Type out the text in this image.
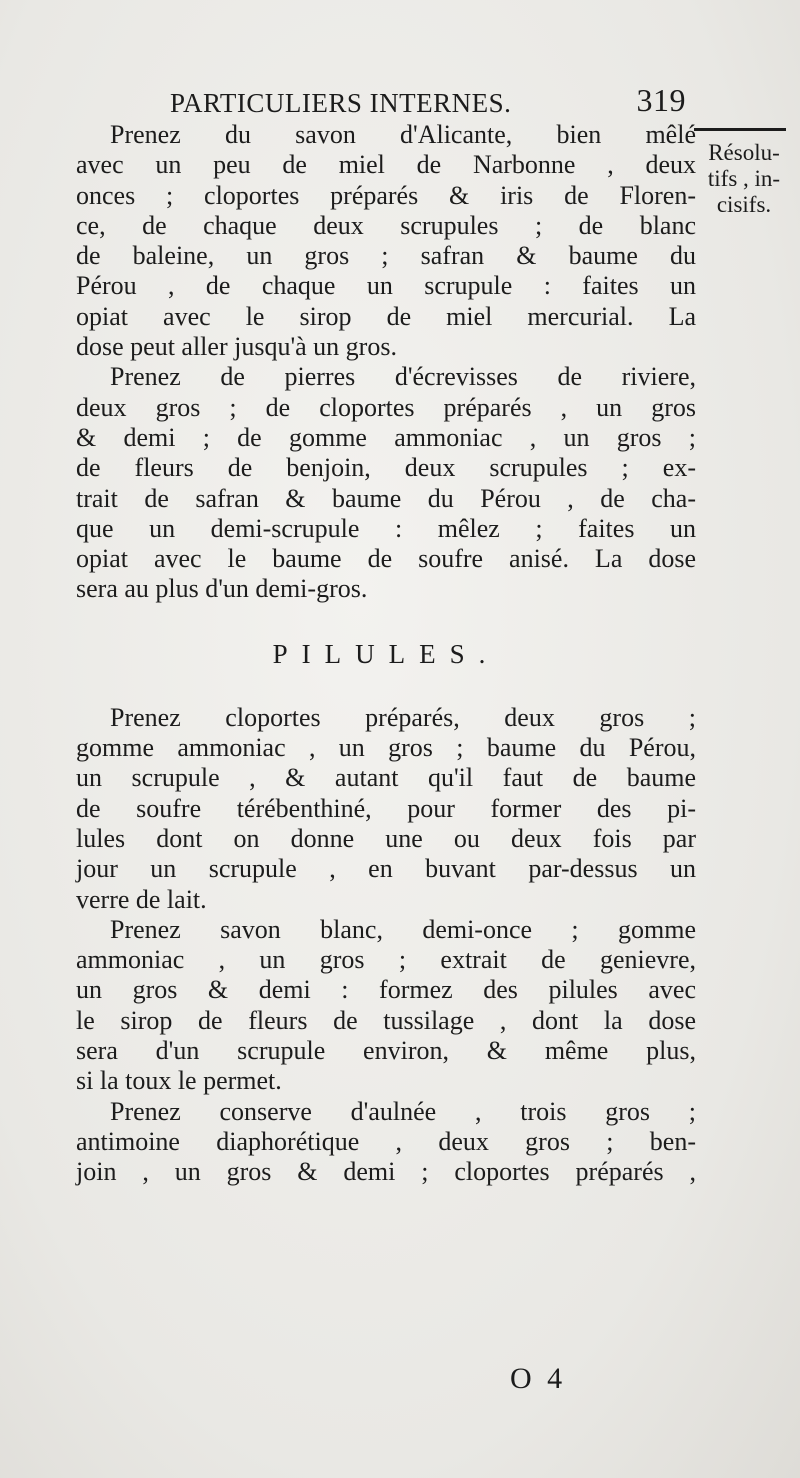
PARTICULIERS INTERNES.	319
Résolu-
tifs , in-
cisifs.
Prenez du savon d'Alicante, bien mêlé
avec un peu de miel de Narbonne , deux
onces ; cloportes préparés & iris de Floren-
ce, de chaque deux scrupules ; de blanc
de baleine, un gros ; safran & baume du
Pérou , de chaque un scrupule : faites un
opiat avec le sirop de miel mercurial. La
dose peut aller jusqu'à un gros.
Prenez de pierres d'écrevisses de riviere,
deux gros ; de cloportes préparés , un gros
& demi ; de gomme ammoniac , un gros ;
de fleurs de benjoin, deux scrupules ; ex-
trait de safran & baume du Pérou , de cha-
que un demi-scrupule : mêlez ; faites un
opiat avec le baume de soufre anisé. La dose
sera au plus d'un demi-gros.
PILULES.
Prenez cloportes préparés, deux gros ;
gomme ammoniac , un gros ; baume du Pérou,
un scrupule , & autant qu'il faut de baume
de soufre térébenthiné, pour former des pi-
lules dont on donne une ou deux fois par
jour un scrupule , en buvant par-dessus un
verre de lait.
Prenez savon blanc, demi-once ; gomme
ammoniac , un gros ; extrait de genievre,
un gros & demi : formez des pilules avec
le sirop de fleurs de tussilage , dont la dose
sera d'un scrupule environ, & même plus,
si la toux le permet.
Prenez conserve d'aulnée , trois gros ;
antimoine diaphorétique , deux gros ; ben-
join , un gros & demi ; cloportes préparés ,
O 4
